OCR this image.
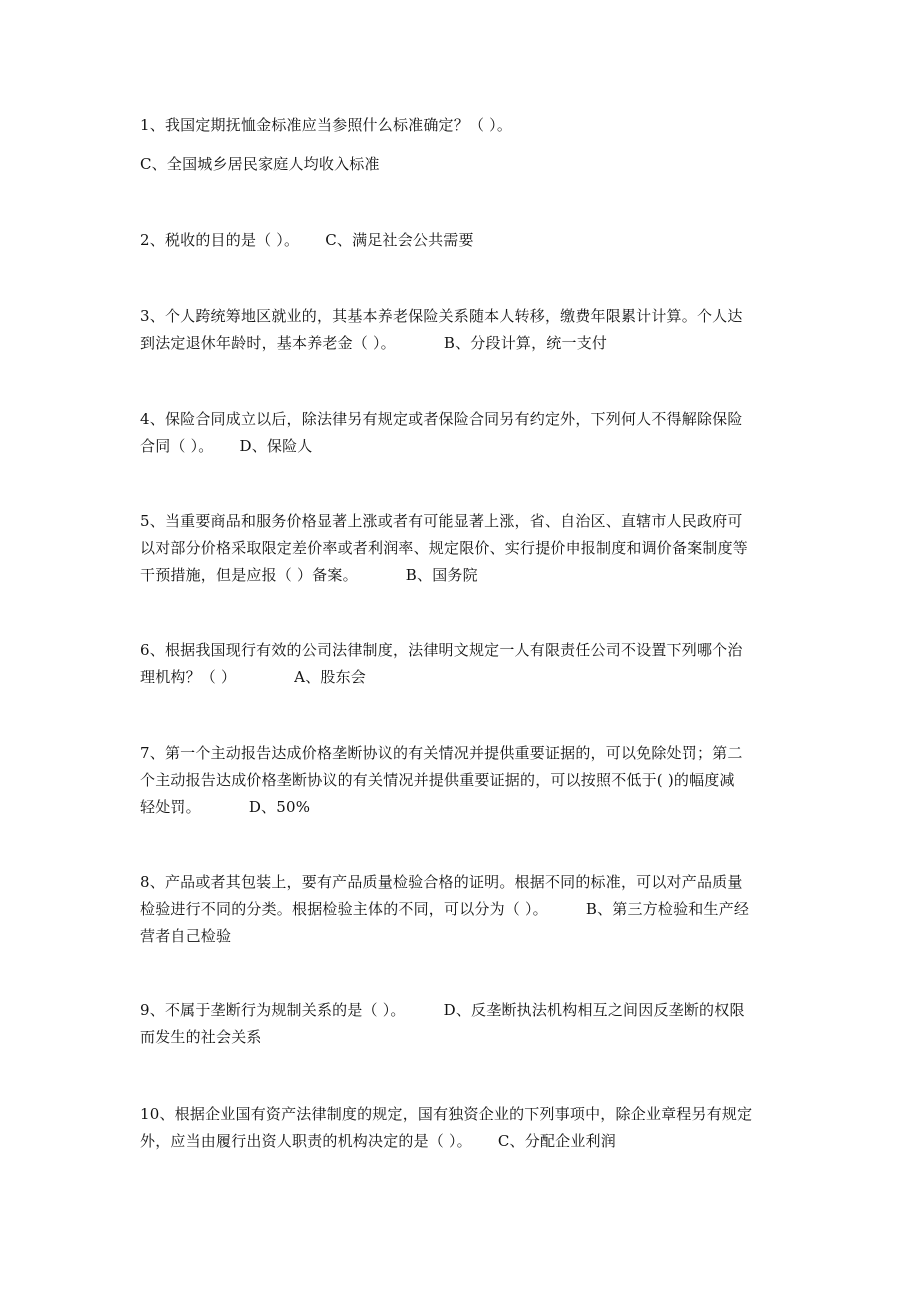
1、我国定期抚恤金标准应当参照什么标准确定？（ ）。
C、全国城乡居民家庭人均收入标准
2、税收的目的是（ ）。 C、满足社会公共需要
3、个人跨统筹地区就业的，其基本养老保险关系随本人转移，缴费年限累计计算。个人达
到法定退休年龄时，基本养老金（ ）。	B、分段计算，统一支付
4、保险合同成立以后，除法律另有规定或者保险合同另有约定外，下列何人不得解除保险
合同（ ）。 D、保险人
5、当重要商品和服务价格显著上涨或者有可能显著上涨，省、自治区、直辖市人民政府可
以对部分价格采取限定差价率或者利润率、规定限价、实行提价申报制度和调价备案制度等
干预措施，但是应报（ ）备案。	B、国务院
6、根据我国现行有效的公司法律制度，法律明文规定一人有限责任公司不设置下列哪个治
理机构？（ ）	A、股东会
7、第一个主动报告达成价格垄断协议的有关情况并提供重要证据的，可以免除处罚；第二
个主动报告达成价格垄断协议的有关情况并提供重要证据的，可以按照不低于( )的幅度减
轻处罚。	D、50%
8、产品或者其包装上，要有产品质量检验合格的证明。根据不同的标准，可以对产品质量
检验进行不同的分类。根据检验主体的不同，可以分为（ ）。	B、第三方检验和生产经
营者自己检验
9、不属于垄断行为规制关系的是（ ）。	D、反垄断执法机构相互之间因反垄断的权限
而发生的社会关系
10、根据企业国有资产法律制度的规定，国有独资企业的下列事项中，除企业章程另有规定
外，应当由履行出资人职责的机构决定的是（ ）。 C、分配企业利润
